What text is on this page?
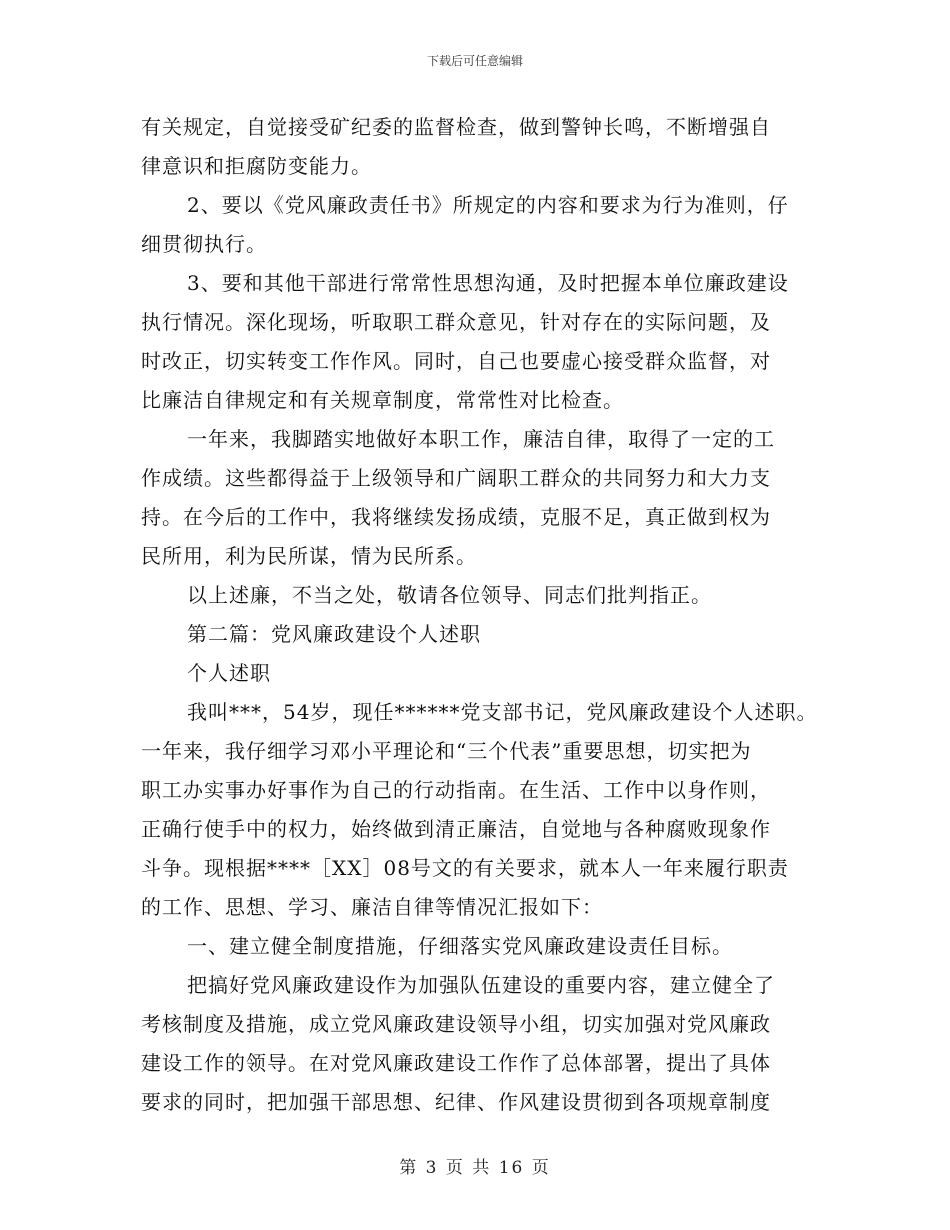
下载后可任意编辑
有关规定，自觉接受矿纪委的监督检查，做到警钟长鸣，不断增强自
律意识和拒腐防变能力。
2、要以《党风廉政责任书》所规定的内容和要求为行为准则，仔
细贯彻执行。
3、要和其他干部进行常常性思想沟通，及时把握本单位廉政建设
执行情况。深化现场，听取职工群众意见，针对存在的实际问题，及
时改正，切实转变工作作风。同时，自己也要虚心接受群众监督，对
比廉洁自律规定和有关规章制度，常常性对比检查。
一年来，我脚踏实地做好本职工作，廉洁自律，取得了一定的工
作成绩。这些都得益于上级领导和广阔职工群众的共同努力和大力支
持。在今后的工作中，我将继续发扬成绩，克服不足，真正做到权为
民所用，利为民所谋，情为民所系。
以上述廉，不当之处，敬请各位领导、同志们批判指正。
第二篇：党风廉政建设个人述职
个人述职
我叫***，54岁，现任******党支部书记，党风廉政建设个人述职。
一年来，我仔细学习邓小平理论和“三个代表”重要思想，切实把为
职工办实事办好事作为自己的行动指南。在生活、工作中以身作则，
正确行使手中的权力，始终做到清正廉洁，自觉地与各种腐败现象作
斗争。现根据****［XX］08号文的有关要求，就本人一年来履行职责
的工作、思想、学习、廉洁自律等情况汇报如下：
一、建立健全制度措施，仔细落实党风廉政建设责任目标。
把搞好党风廉政建设作为加强队伍建设的重要内容，建立健全了
考核制度及措施，成立党风廉政建设领导小组，切实加强对党风廉政
建设工作的领导。在对党风廉政建设工作作了总体部署，提出了具体
要求的同时，把加强干部思想、纪律、作风建设贯彻到各项规章制度
第 3 页 共 16 页
